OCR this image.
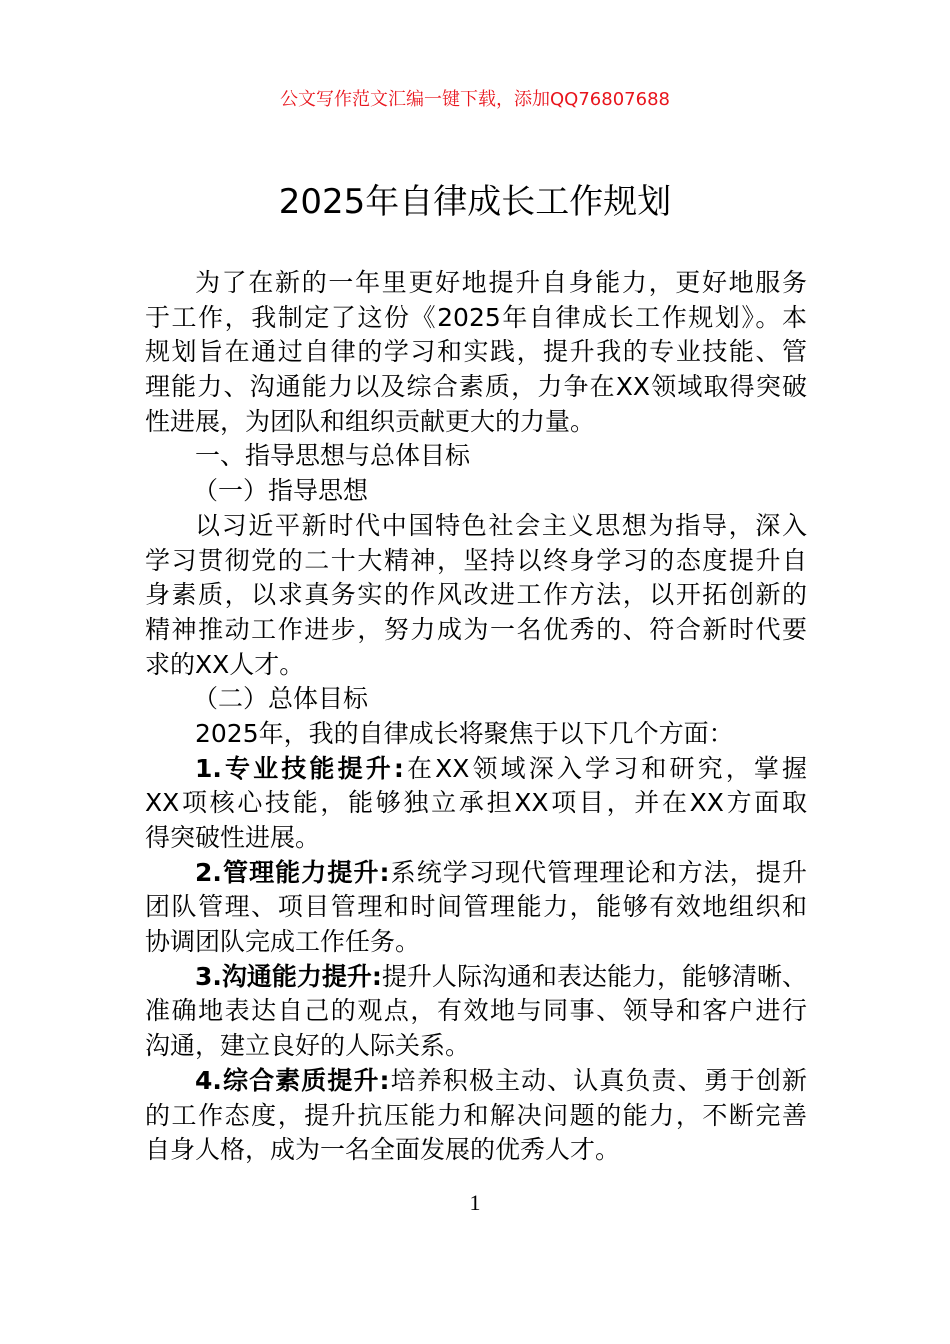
公文写作范文汇编一键下载，添加QQ76807688
2025年自律成长工作规划
为了在新的一年里更好地提升自身能力，更好地服务
于工作，我制定了这份《2025年自律成长工作规划》。本
规划旨在通过自律的学习和实践，提升我的专业技能、管
理能力、沟通能力以及综合素质，力争在XX领域取得突破
性进展，为团队和组织贡献更大的力量。
一、指导思想与总体目标
（一）指导思想
以习近平新时代中国特色社会主义思想为指导，深入
学习贯彻党的二十大精神，坚持以终身学习的态度提升自
身素质，以求真务实的作风改进工作方法，以开拓创新的
精神推动工作进步，努力成为一名优秀的、符合新时代要
求的XX人才。
（二）总体目标
2025年，我的自律成长将聚焦于以下几个方面：
1.专业技能提升:在XX领域深入学习和研究，掌握
XX项核心技能，能够独立承担XX项目，并在XX方面取
得突破性进展。
2.管理能力提升:系统学习现代管理理论和方法，提升
团队管理、项目管理和时间管理能力，能够有效地组织和
协调团队完成工作任务。
3.沟通能力提升:提升人际沟通和表达能力，能够清晰、
准确地表达自己的观点，有效地与同事、领导和客户进行
沟通，建立良好的人际关系。
4.综合素质提升:培养积极主动、认真负责、勇于创新
的工作态度，提升抗压能力和解决问题的能力，不断完善
自身人格，成为一名全面发展的优秀人才。
1
